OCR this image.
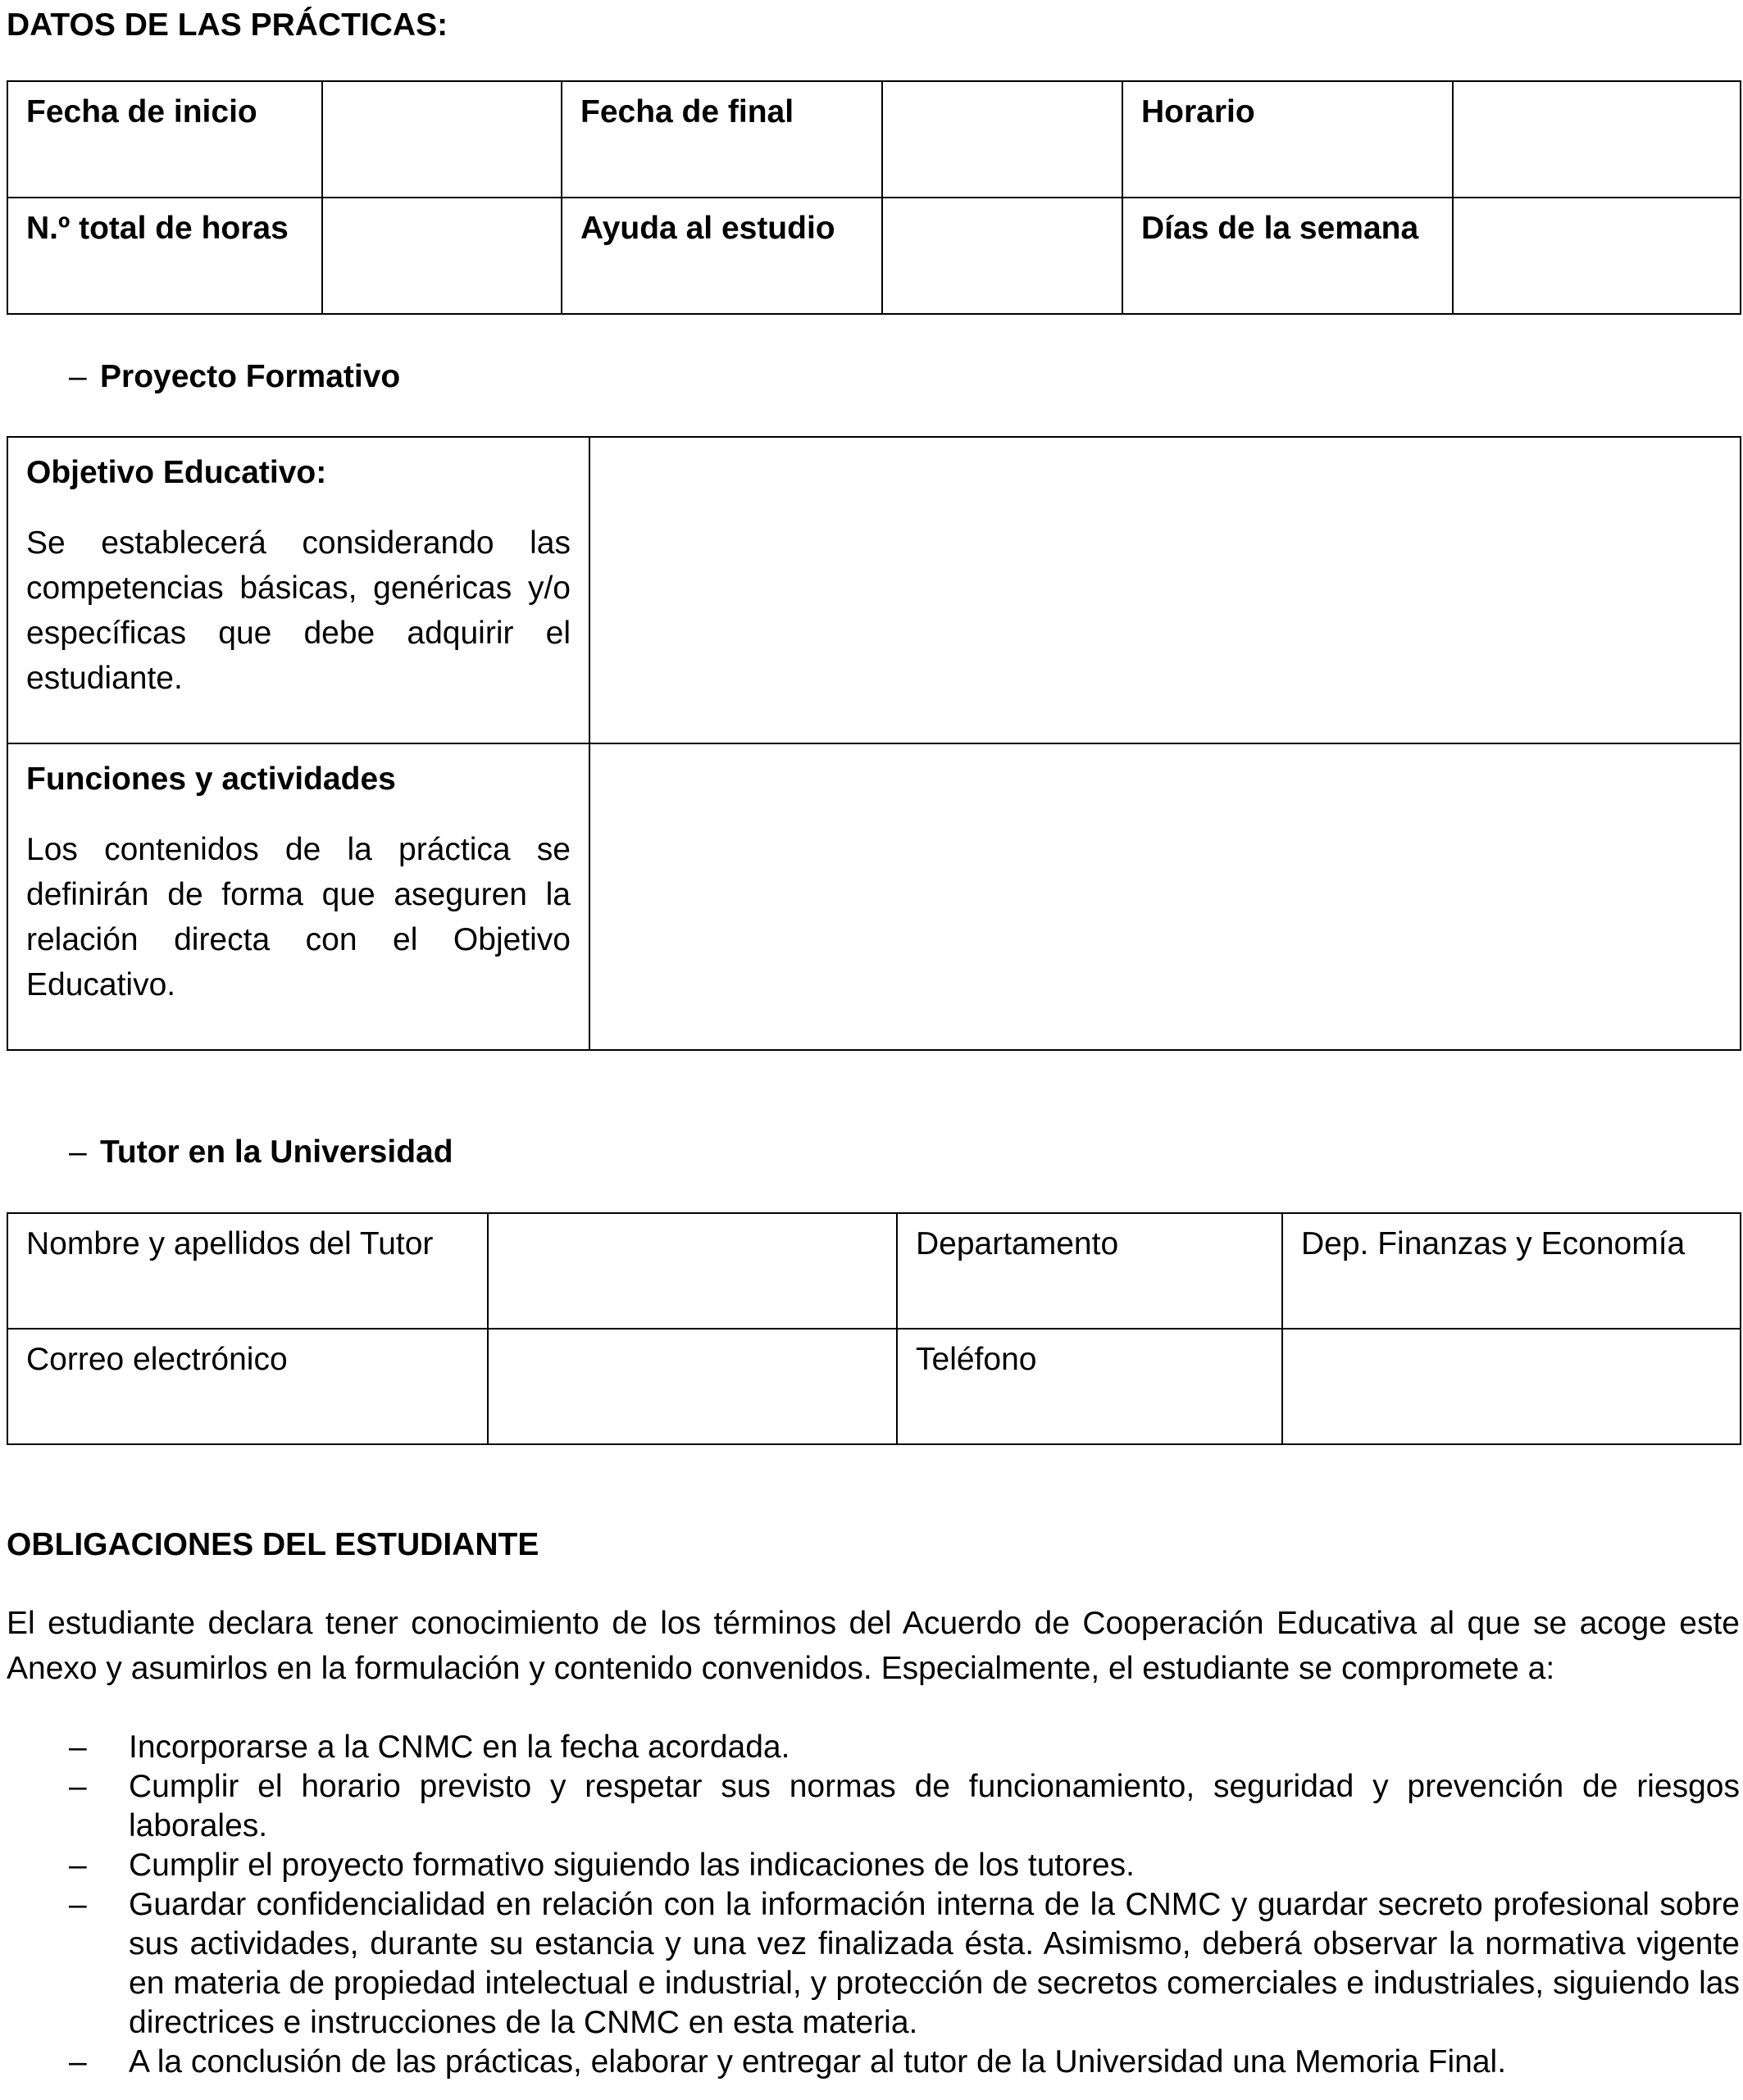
DATOS DE LAS PRÁCTICAS:
Fecha de inicio		Fecha de final		Horario	

N.º total de horas		Ayuda al estudio		Días de la semana	

– Proyecto Formativo
Objetivo Educativo:
Se establecerá considerando las competencias básicas, genéricas y/o específicas que debe adquirir el estudiante.	

Funciones y actividades
Los contenidos de la práctica se definirán de forma que aseguren la relación directa con el Objetivo Educativo.	

– Tutor en la Universidad
Nombre y apellidos del Tutor		Departamento	Dep. Finanzas y Economía

Correo electrónico		Teléfono	

OBLIGACIONES DEL ESTUDIANTE
El estudiante declara tener conocimiento de los términos del Acuerdo de Cooperación Educativa al que se acoge este Anexo y asumirlos en la formulación y contenido convenidos. Especialmente, el estudiante se compromete a:
– Incorporarse a la CNMC en la fecha acordada.
– Cumplir el horario previsto y respetar sus normas de funcionamiento, seguridad y prevención de riesgos laborales.
– Cumplir el proyecto formativo siguiendo las indicaciones de los tutores.
– Guardar confidencialidad en relación con la información interna de la CNMC y guardar secreto profesional sobre sus actividades, durante su estancia y una vez finalizada ésta. Asimismo, deberá observar la normativa vigente en materia de propiedad intelectual e industrial, y protección de secretos comerciales e industriales, siguiendo las directrices e instrucciones de la CNMC en esta materia.
– A la conclusión de las prácticas, elaborar y entregar al tutor de la Universidad una Memoria Final.
